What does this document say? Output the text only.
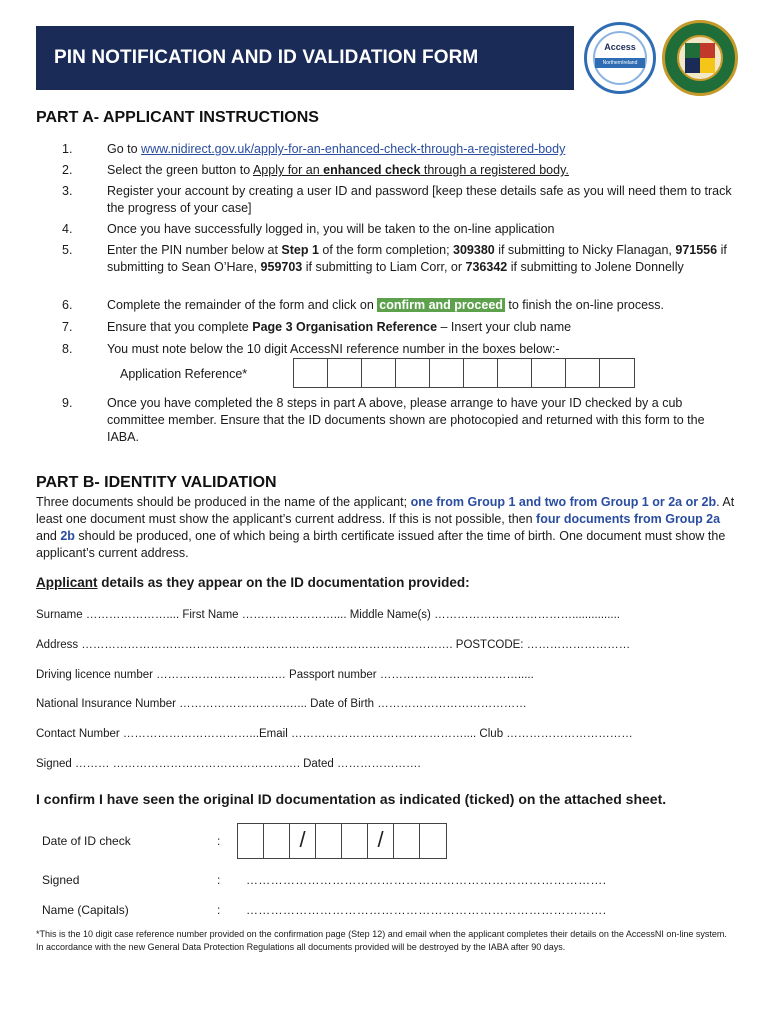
PIN NOTIFICATION AND ID VALIDATION FORM	Access
NorthernIreland
PART A- APPLICANT INSTRUCTIONS
1.	Go to www.nidirect.gov.uk/apply-for-an-enhanced-check-through-a-registered-body
2.	Select the green button to Apply for an enhanced check through a registered body.
3.	Register your account by creating a user ID and password [keep these details safe as you will need them to track the progress of your case]
4.	Once you have successfully logged in, you will be taken to the on-line application
5.	Enter the PIN number below at Step 1 of the form completion; 309380 if submitting to Nicky Flanagan, 971556 if submitting to Sean O’Hare, 959703 if submitting to Liam Corr, or 736342 if submitting to Jolene Donnelly
6.	Complete the remainder of the form and click on confirm and proceed to finish the on-line process.
7.	Ensure that you complete Page 3 Organisation Reference – Insert your club name
8.	You must note below the 10 digit AccessNI reference number in the boxes below:-
Application Reference*
9.	Once you have completed the 8 steps in part A above, please arrange to have your ID checked by a cub committee member. Ensure that the ID documents shown are photocopied and returned with this form to the IABA.
PART B- IDENTITY VALIDATION
Three documents should be produced in the name of the applicant; one from Group 1 and two from Group 1 or 2a or 2b. At least one document must show the applicant’s current address. If this is not possible, then four documents from Group 2a and 2b should be produced, one of which being a birth certificate issued after the time of birth. One document must show the applicant’s current address.
Applicant details as they appear on the ID documentation provided:
Surname ………………….... First Name …………………….... Middle Name(s) ………………………………...............
Address ……………………………………………………………………………………. POSTCODE: ………………………
Driving licence number ………………………….… Passport number ……………………………….....
National Insurance Number ……………………….…... Date of Birth …………………………………
Contact Number ……………………………...Email ……………………………………….... Club ……………………………
Signed ……… …………………………………………. Dated ………………….
I confirm I have seen the original ID documentation as indicated (ticked) on the attached sheet.
Date of ID check	:	/	/
Signed	: …………………………………………………………………………….
Name (Capitals)	: …………………………………………………………………………….
*This is the 10 digit case reference number provided on the confirmation page (Step 12) and email when the applicant completes their details on the AccessNI on-line system. In accordance with the new General Data Protection Regulations all documents provided will be destroyed by the IABA after 90 days.
